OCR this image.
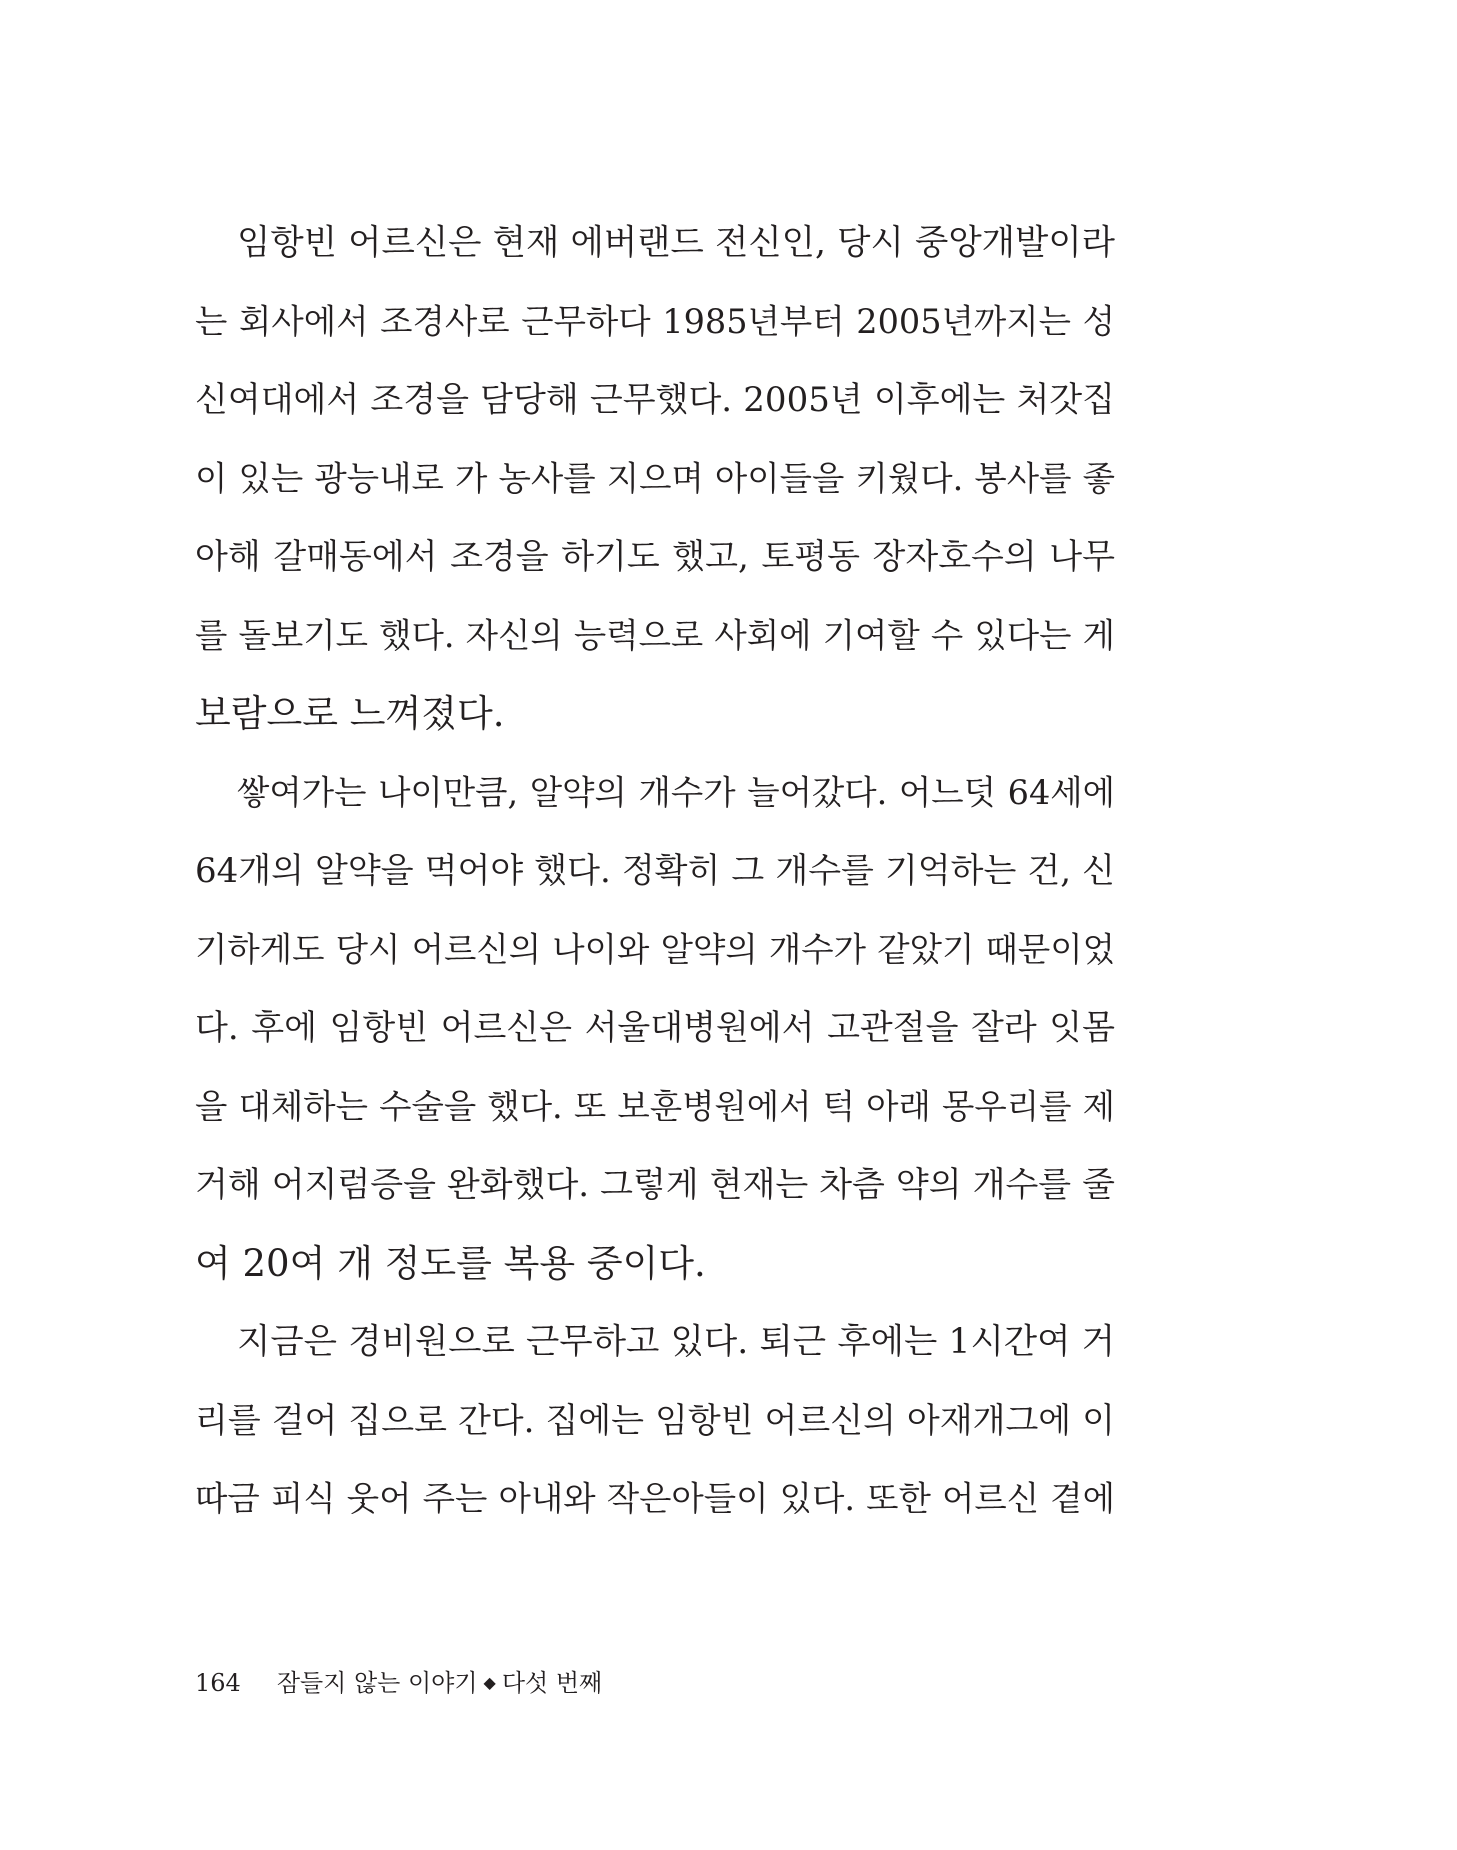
임항빈 어르신은 현재 에버랜드 전신인, 당시 중앙개발이라
는 회사에서 조경사로 근무하다 1985년부터 2005년까지는 성
신여대에서 조경을 담당해 근무했다. 2005년 이후에는 처갓집
이 있는 광능내로 가 농사를 지으며 아이들을 키웠다. 봉사를 좋
아해 갈매동에서 조경을 하기도 했고, 토평동 장자호수의 나무
를 돌보기도 했다. 자신의 능력으로 사회에 기여할 수 있다는 게
보람으로 느껴졌다.
쌓여가는 나이만큼, 알약의 개수가 늘어갔다. 어느덧 64세에
64개의 알약을 먹어야 했다. 정확히 그 개수를 기억하는 건, 신
기하게도 당시 어르신의 나이와 알약의 개수가 같았기 때문이었
다. 후에 임항빈 어르신은 서울대병원에서 고관절을 잘라 잇몸
을 대체하는 수술을 했다. 또 보훈병원에서 턱 아래 몽우리를 제
거해 어지럼증을 완화했다. 그렇게 현재는 차츰 약의 개수를 줄
여 20여 개 정도를 복용 중이다.
지금은 경비원으로 근무하고 있다. 퇴근 후에는 1시간여 거
리를 걸어 집으로 간다. 집에는 임항빈 어르신의 아재개그에 이
따금 피식 웃어 주는 아내와 작은아들이 있다. 또한 어르신 곁에
164 잠들지 않는 이야기 ◆ 다섯 번째
